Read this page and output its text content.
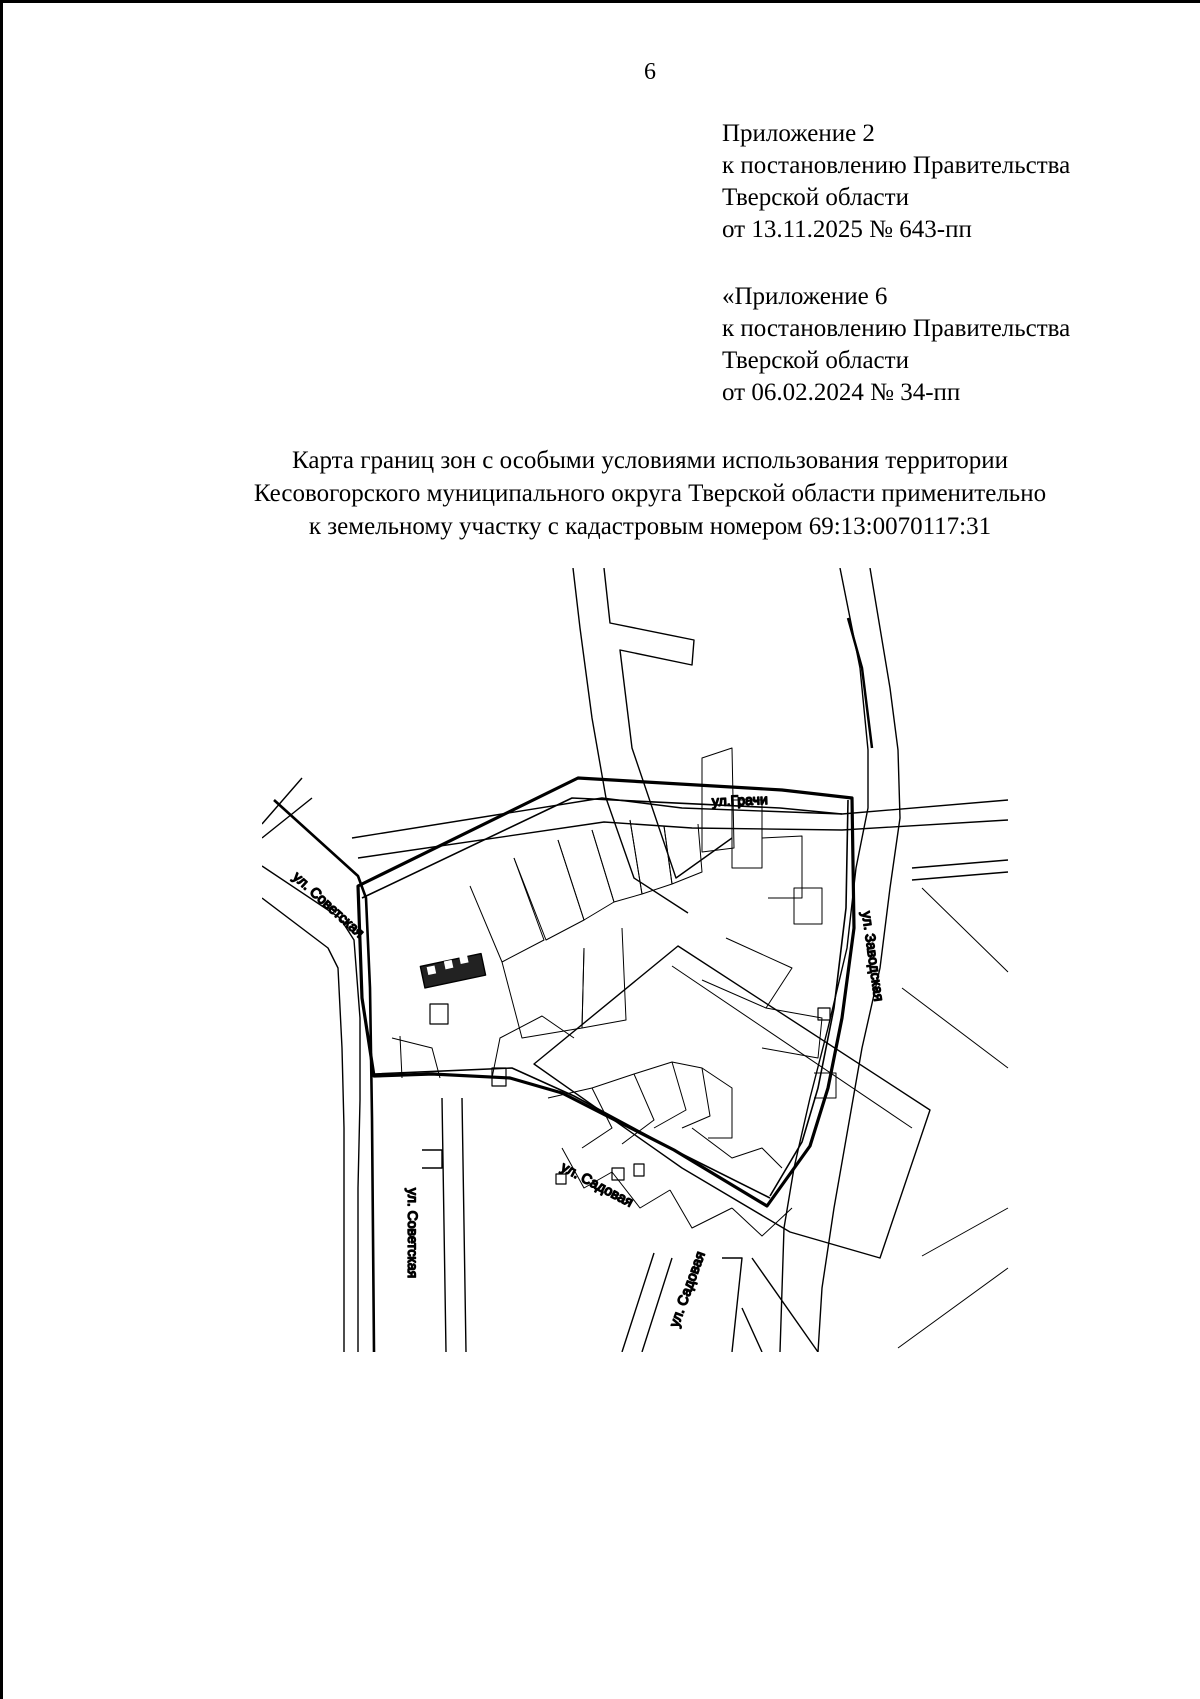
6
Приложение 2
к постановлению Правительства
Тверской области
от 13.11.2025 № 643-пп
«Приложение 6
к постановлению Правительства
Тверской области
от 06.02.2024 № 34-пп
Карта границ зон с особыми условиями использования территории
Кесовогорского муниципального округа Тверской области применительно
к земельному участку с кадастровым номером 69:13:0070117:31
ул.Грачи
ул. Советская
ул. Советская
ул. Заводская
ул. Садовая
ул. Садовая
